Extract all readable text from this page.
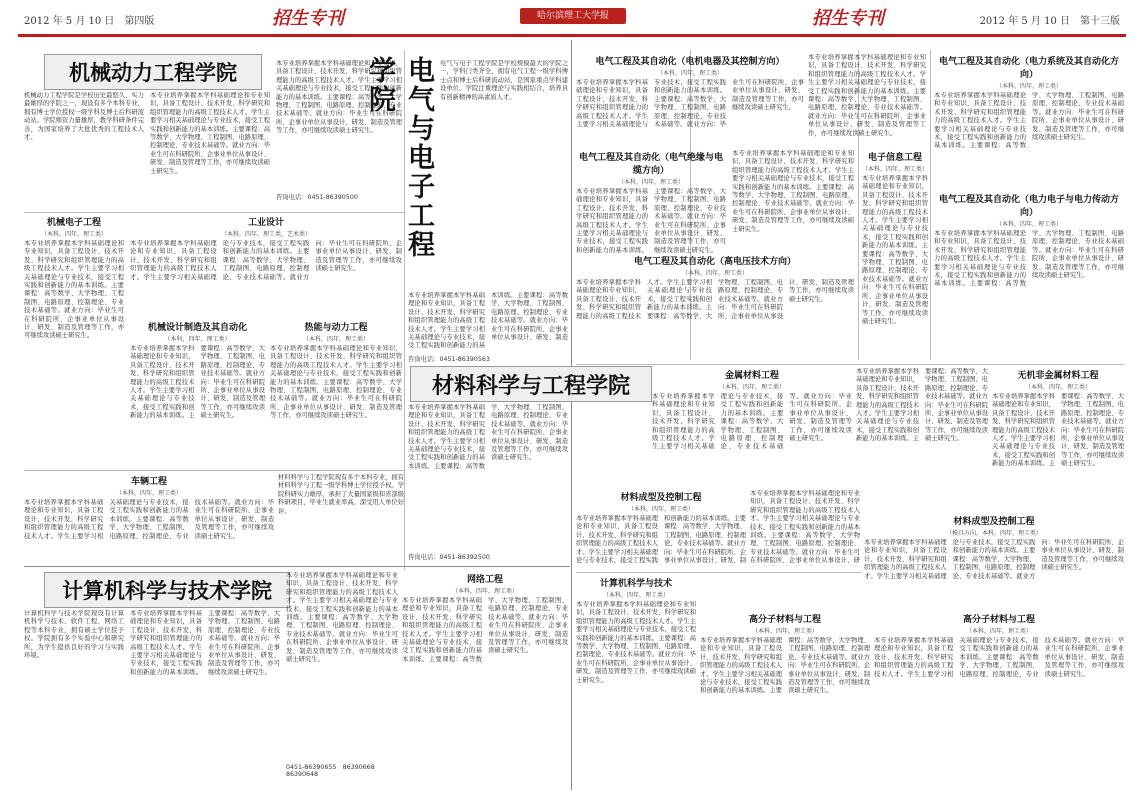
2012 年 5 月 10 日　第四版	招生专刊	哈尔滨理工大学报	招生专刊	2012 年 5 月 10 日　第十三版
机械动力工程学院
机械动力工程学院是学校历史最悠久、实力最雄厚的学院之一，现设有多个本科专业，拥有博士学位授权一级学科及博士后科研流动站。学院师资力量雄厚，教学科研条件完善，为国家培养了大批优秀的工程技术人才。
本专业培养掌握本学科基础理论和专业知识，具备工程设计、技术开发、科学研究和组织管理能力的高级工程技术人才。学生主要学习相关基础理论与专业技术，接受工程实践和创新能力的基本训练。主要课程：高等数学、大学物理、工程制图、电路原理、控制理论、专业技术基础等。就业方向：毕业生可在科研院所、企事业单位从事设计、研发、制造及管理等工作，亦可继续攻读硕士研究生。
本专业培养掌握本学科基础理论和专业知识，具备工程设计、技术开发、科学研究和组织管理能力的高级工程技术人才。学生主要学习相关基础理论与专业技术，接受工程实践和创新能力的基本训练。主要课程：高等数学、大学物理、工程制图、电路原理、控制理论、专业技术基础等。就业方向：毕业生可在科研院所、企事业单位从事设计、研发、制造及管理等工作，亦可继续攻读硕士研究生。
咨询电话：0451-86390500
机械电子工程
（本科，四年，理工类）
本专业培养掌握本学科基础理论和专业知识，具备工程设计、技术开发、科学研究和组织管理能力的高级工程技术人才。学生主要学习相关基础理论与专业技术，接受工程实践和创新能力的基本训练。主要课程：高等数学、大学物理、工程制图、电路原理、控制理论、专业技术基础等。就业方向：毕业生可在科研院所、企事业单位从事设计、研发、制造及管理等工作，亦可继续攻读硕士研究生。
工业设计
（本科，四年，理工类，艺术类）
本专业培养掌握本学科基础理论和专业知识，具备工程设计、技术开发、科学研究和组织管理能力的高级工程技术人才。学生主要学习相关基础理论与专业技术，接受工程实践和创新能力的基本训练。主要课程：高等数学、大学物理、工程制图、电路原理、控制理论、专业技术基础等。就业方向：毕业生可在科研院所、企事业单位从事设计、研发、制造及管理等工作，亦可继续攻读硕士研究生。
机械设计制造及其自动化
（本科，四年，理工类）
本专业培养掌握本学科基础理论和专业知识，具备工程设计、技术开发、科学研究和组织管理能力的高级工程技术人才。学生主要学习相关基础理论与专业技术，接受工程实践和创新能力的基本训练。主要课程：高等数学、大学物理、工程制图、电路原理、控制理论、专业技术基础等。就业方向：毕业生可在科研院所、企事业单位从事设计、研发、制造及管理等工作，亦可继续攻读硕士研究生。
热能与动力工程
（本科，四年，理工类）
本专业培养掌握本学科基础理论和专业知识，具备工程设计、技术开发、科学研究和组织管理能力的高级工程技术人才。学生主要学习相关基础理论与专业技术，接受工程实践和创新能力的基本训练。主要课程：高等数学、大学物理、工程制图、电路原理、控制理论、专业技术基础等。就业方向：毕业生可在科研院所、企事业单位从事设计、研发、制造及管理等工作，亦可继续攻读硕士研究生。
车辆工程
（本科，四年，理工类）
本专业培养掌握本学科基础理论和专业知识，具备工程设计、技术开发、科学研究和组织管理能力的高级工程技术人才。学生主要学习相关基础理论与专业技术，接受工程实践和创新能力的基本训练。主要课程：高等数学、大学物理、工程制图、电路原理、控制理论、专业技术基础等。就业方向：毕业生可在科研院所、企事业单位从事设计、研发、制造及管理等工作，亦可继续攻读硕士研究生。
电气与电子工程学院	电气与电子工程学院是学校规模最大的学院之一，学科门类齐全，拥有电气工程一级学科博士点和博士后科研流动站，是国家重点学科建设单位。学院注重理论与实践相结合，培养具有创新精神的高素质人才。
本专业培养掌握本学科基础理论和专业知识，具备工程设计、技术开发、科学研究和组织管理能力的高级工程技术人才。学生主要学习相关基础理论与专业技术，接受工程实践和创新能力的基本训练。主要课程：高等数学、大学物理、工程制图、电路原理、控制理论、专业技术基础等。就业方向：毕业生可在科研院所、企事业单位从事设计、研发、制造
咨询电话：0451-86390563
材料科学与工程学院
材料科学与工程学院现有多个本科专业，拥有材料科学与工程一级学科博士学位授予权。学院科研实力雄厚，承担了大量国家级和省部级科研项目，毕业生就业率高，深受用人单位好评。
本专业培养掌握本学科基础理论和专业知识，具备工程设计、技术开发、科学研究和组织管理能力的高级工程技术人才。学生主要学习相关基础理论与专业技术，接受工程实践和创新能力的基本训练。主要课程：高等数学、大学物理、工程制图、电路原理、控制理论、专业技术基础等。就业方向：毕业生可在科研院所、企事业单位从事设计、研发、制造及管理等工作，亦可继续攻读硕士研究生。
咨询电话：0451-86392500
计算机科学与技术学院
计算机科学与技术学院现设有计算机科学与技术、软件工程、网络工程等本科专业，拥有硕士学位授予权。学院拥有多个实验中心和研究所，为学生提供良好的学习与实践环境。
本专业培养掌握本学科基础理论和专业知识，具备工程设计、技术开发、科学研究和组织管理能力的高级工程技术人才。学生主要学习相关基础理论与专业技术，接受工程实践和创新能力的基本训练。主要课程：高等数学、大学物理、工程制图、电路原理、控制理论、专业技术基础等。就业方向：毕业生可在科研院所、企事业单位从事设计、研发、制造及管理等工作，亦可继续攻读硕士研究生。
本专业培养掌握本学科基础理论和专业知识，具备工程设计、技术开发、科学研究和组织管理能力的高级工程技术人才。学生主要学习相关基础理论与专业技术，接受工程实践和创新能力的基本训练。主要课程：高等数学、大学物理、工程制图、电路原理、控制理论、专业技术基础等。就业方向：毕业生可在科研院所、企事业单位从事设计、研发、制造及管理等工作，亦可继续攻读硕士研究生。
0451-86390655　86390668　86390648
网络工程
（本科，四年，理工类）
本专业培养掌握本学科基础理论和专业知识，具备工程设计、技术开发、科学研究和组织管理能力的高级工程技术人才。学生主要学习相关基础理论与专业技术，接受工程实践和创新能力的基本训练。主要课程：高等数学、大学物理、工程制图、电路原理、控制理论、专业技术基础等。就业方向：毕业生可在科研院所、企事业单位从事设计、研发、制造及管理等工作，亦可继续攻读硕士研究生。
电气工程及其自动化（电机电器及其控制方向）
（本科，四年，理工类）
本专业培养掌握本学科基础理论和专业知识，具备工程设计、技术开发、科学研究和组织管理能力的高级工程技术人才。学生主要学习相关基础理论与专业技术，接受工程实践和创新能力的基本训练。主要课程：高等数学、大学物理、工程制图、电路原理、控制理论、专业技术基础等。就业方向：毕业生可在科研院所、企事业单位从事设计、研发、制造及管理等工作，亦可继续攻读硕士研究生。
本专业培养掌握本学科基础理论和专业知识，具备工程设计、技术开发、科学研究和组织管理能力的高级工程技术人才。学生主要学习相关基础理论与专业技术，接受工程实践和创新能力的基本训练。主要课程：高等数学、大学物理、工程制图、电路原理、控制理论、专业技术基础等。就业方向：毕业生可在科研院所、企事业单位从事设计、研发、制造及管理等工作，亦可继续攻读硕士研究生。
电气工程及其自动化（电气绝缘与电缆方向）
（本科，四年，理工类）
本专业培养掌握本学科基础理论和专业知识，具备工程设计、技术开发、科学研究和组织管理能力的高级工程技术人才。学生主要学习相关基础理论与专业技术，接受工程实践和创新能力的基本训练。主要课程：高等数学、大学物理、工程制图、电路原理、控制理论、专业技术基础等。就业方向：毕业生可在科研院所、企事业单位从事设计、研发、制造及管理等工作，亦可继续攻读硕士研究生。
本专业培养掌握本学科基础理论和专业知识，具备工程设计、技术开发、科学研究和组织管理能力的高级工程技术人才。学生主要学习相关基础理论与专业技术，接受工程实践和创新能力的基本训练。主要课程：高等数学、大学物理、工程制图、电路原理、控制理论、专业技术基础等。就业方向：毕业生可在科研院所、企事业单位从事设计、研发、制造及管理等工作，亦可继续攻读硕士研究生。
电子信息工程
（本科，四年，理工类）
本专业培养掌握本学科基础理论和专业知识，具备工程设计、技术开发、科学研究和组织管理能力的高级工程技术人才。学生主要学习相关基础理论与专业技术，接受工程实践和创新能力的基本训练。主要课程：高等数学、大学物理、工程制图、电路原理、控制理论、专业技术基础等。就业方向：毕业生可在科研院所、企事业单位从事设计、研发、制造及管理等工作，亦可继续攻读硕士研究生。
电气工程及其自动化（高电压技术方向）
（本科，四年，理工类）
本专业培养掌握本学科基础理论和专业知识，具备工程设计、技术开发、科学研究和组织管理能力的高级工程技术人才。学生主要学习相关基础理论与专业技术，接受工程实践和创新能力的基本训练。主要课程：高等数学、大学物理、工程制图、电路原理、控制理论、专业技术基础等。就业方向：毕业生可在科研院所、企事业单位从事设计、研发、制造及管理等工作，亦可继续攻读硕士研究生。
电气工程及其自动化（电力系统及其自动化方向）
（本科，四年，理工类）
本专业培养掌握本学科基础理论和专业知识，具备工程设计、技术开发、科学研究和组织管理能力的高级工程技术人才。学生主要学习相关基础理论与专业技术，接受工程实践和创新能力的基本训练。主要课程：高等数学、大学物理、工程制图、电路原理、控制理论、专业技术基础等。就业方向：毕业生可在科研院所、企事业单位从事设计、研发、制造及管理等工作，亦可继续攻读硕士研究生。
电气工程及其自动化（电力电子与电力传动方向）
（本科，四年，理工类）
本专业培养掌握本学科基础理论和专业知识，具备工程设计、技术开发、科学研究和组织管理能力的高级工程技术人才。学生主要学习相关基础理论与专业技术，接受工程实践和创新能力的基本训练。主要课程：高等数学、大学物理、工程制图、电路原理、控制理论、专业技术基础等。就业方向：毕业生可在科研院所、企事业单位从事设计、研发、制造及管理等工作，亦可继续攻读硕士研究生。
金属材料工程
（本科，四年，理工类）
本专业培养掌握本学科基础理论和专业知识，具备工程设计、技术开发、科学研究和组织管理能力的高级工程技术人才。学生主要学习相关基础理论与专业技术，接受工程实践和创新能力的基本训练。主要课程：高等数学、大学物理、工程制图、电路原理、控制理论、专业技术基础等。就业方向：毕业生可在科研院所、企事业单位从事设计、研发、制造及管理等工作，亦可继续攻读硕士研究生。
本专业培养掌握本学科基础理论和专业知识，具备工程设计、技术开发、科学研究和组织管理能力的高级工程技术人才。学生主要学习相关基础理论与专业技术，接受工程实践和创新能力的基本训练。主要课程：高等数学、大学物理、工程制图、电路原理、控制理论、专业技术基础等。就业方向：毕业生可在科研院所、企事业单位从事设计、研发、制造及管理等工作，亦可继续攻读硕士研究生。
无机非金属材料工程
（本科，四年，理工类）
本专业培养掌握本学科基础理论和专业知识，具备工程设计、技术开发、科学研究和组织管理能力的高级工程技术人才。学生主要学习相关基础理论与专业技术，接受工程实践和创新能力的基本训练。主要课程：高等数学、大学物理、工程制图、电路原理、控制理论、专业技术基础等。就业方向：毕业生可在科研院所、企事业单位从事设计、研发、制造及管理等工作，亦可继续攻读硕士研究生。
材料成型及控制工程
（本科，四年，理工类）
本专业培养掌握本学科基础理论和专业知识，具备工程设计、技术开发、科学研究和组织管理能力的高级工程技术人才。学生主要学习相关基础理论与专业技术，接受工程实践和创新能力的基本训练。主要课程：高等数学、大学物理、工程制图、电路原理、控制理论、专业技术基础等。就业方向：毕业生可在科研院所、企事业单位从事设计、研发、制
本专业培养掌握本学科基础理论和专业知识，具备工程设计、技术开发、科学研究和组织管理能力的高级工程技术人才。学生主要学习相关基础理论与专业技术，接受工程实践和创新能力的基本训练。主要课程：高等数学、大学物理、工程制图、电路原理、控制理论、专业技术基础等。就业方向：毕业生可在科研院所、企事业单位从事设计、研
材料成型及控制工程
（模具方向，本科，四年，理工类）
本专业培养掌握本学科基础理论和专业知识，具备工程设计、技术开发、科学研究和组织管理能力的高级工程技术人才。学生主要学习相关基础理论与专业技术，接受工程实践和创新能力的基本训练。主要课程：高等数学、大学物理、工程制图、电路原理、控制理论、专业技术基础等。就业方向：毕业生可在科研院所、企事业单位从事设计、研发、制造及管理等工作，亦可继续攻读硕士研究生。
计算机科学与技术
（本科，四年，理工类）
本专业培养掌握本学科基础理论和专业知识，具备工程设计、技术开发、科学研究和组织管理能力的高级工程技术人才。学生主要学习相关基础理论与专业技术，接受工程实践和创新能力的基本训练。主要课程：高等数学、大学物理、工程制图、电路原理、控制理论、专业技术基础等。就业方向：毕业生可在科研院所、企事业单位从事设计、研发、制造及管理等工作，亦可继续攻读硕士研究生。
高分子材料与工程
（本科，四年，理工类）
本专业培养掌握本学科基础理论和专业知识，具备工程设计、技术开发、科学研究和组织管理能力的高级工程技术人才。学生主要学习相关基础理论与专业技术，接受工程实践和创新能力的基本训练。主要课程：高等数学、大学物理、工程制图、电路原理、控制理论、专业技术基础等。就业方向：毕业生可在科研院所、企事业单位从事设计、研发、制造及管理等工作，亦可继续攻读硕士研究生。
高分子材料与工程
（本科，四年，理工类）
本专业培养掌握本学科基础理论和专业知识，具备工程设计、技术开发、科学研究和组织管理能力的高级工程技术人才。学生主要学习相关基础理论与专业技术，接受工程实践和创新能力的基本训练。主要课程：高等数学、大学物理、工程制图、电路原理、控制理论、专业技术基础等。就业方向：毕业生可在科研院所、企事业单位从事设计、研发、制造及管理等工作，亦可继续攻读硕士研究生。
